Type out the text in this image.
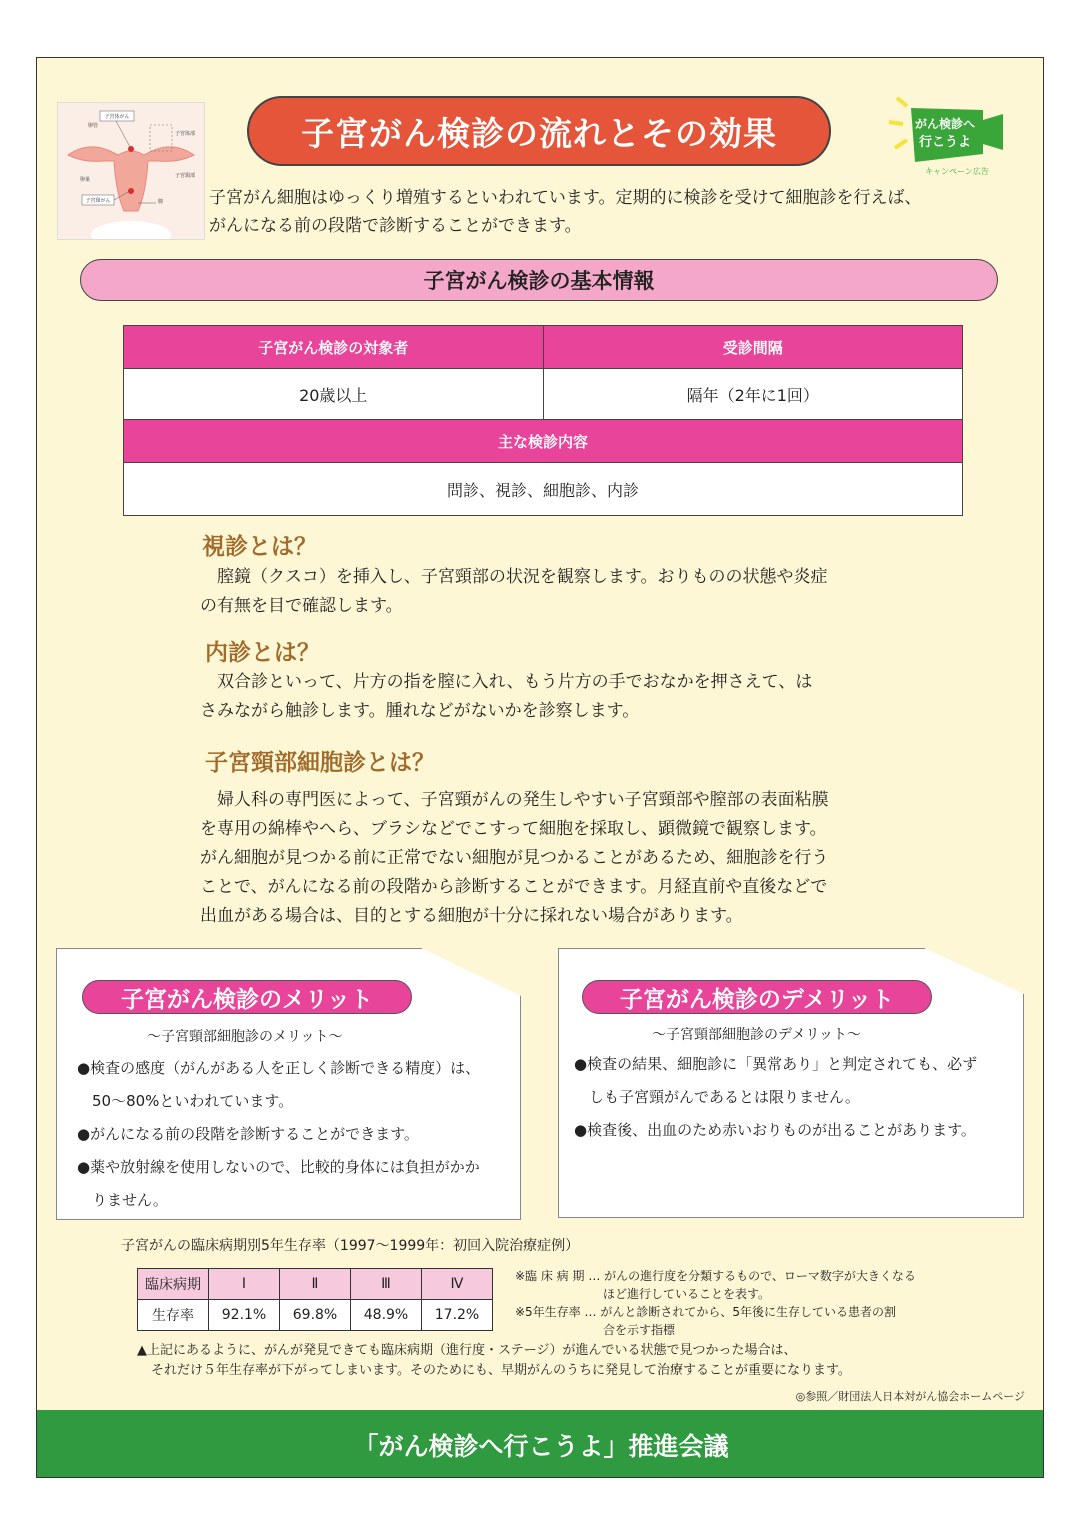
子宮体がん
卵管
子宮体部
卵巣
子宮頸部
子宮頸がん	膣
子宮がん検診の流れとその効果	がん検診へ
行こうよ
キャンペーン広告
子宮がん細胞はゆっくり増殖するといわれています。定期的に検診を受けて細胞診を行えば、
がんになる前の段階で診断することができます。
子宮がん検診の基本情報
子宮がん検診の対象者	受診間隔
20歳以上	隔年（2年に1回）
主な検診内容	
問診、視診、細胞診、内診	
視診とは？
　膣鏡（クスコ）を挿入し、子宮頸部の状況を観察します。おりものの状態や炎症
の有無を目で確認します。
内診とは？
　双合診といって、片方の指を膣に入れ、もう片方の手でおなかを押さえて、は
さみながら触診します。腫れなどがないかを診察します。
子宮頸部細胞診とは？
　婦人科の専門医によって、子宮頸がんの発生しやすい子宮頸部や膣部の表面粘膜
を専用の綿棒やへら、ブラシなどでこすって細胞を採取し、顕微鏡で観察します。
がん細胞が見つかる前に正常でない細胞が見つかることがあるため、細胞診を行う
ことで、がんになる前の段階から診断することができます。月経直前や直後などで
出血がある場合は、目的とする細胞が十分に採れない場合があります。
子宮がん検診のメリット
～子宮頸部細胞診のメリット～
●検査の感度（がんがある人を正しく診断できる精度）は、
　50～80%といわれています。
●がんになる前の段階を診断することができます。
●薬や放射線を使用しないので、比較的身体には負担がかか
　りません。
子宮がん検診のデメリット
～子宮頸部細胞診のデメリット～
●検査の結果、細胞診に「異常あり」と判定されても、必ず
　しも子宮頸がんであるとは限りません。
●検査後、出血のため赤いおりものが出ることがあります。
子宮がんの臨床病期別5年生存率（1997～1999年：初回入院治療症例）
臨床病期	Ⅰ	Ⅱ	Ⅲ	Ⅳ
生存率	92.1%	69.8%	48.9%	17.2%
※臨 床 病 期 … がんの進行度を分類するもので、ローマ数字が大きくなる
ほど進行していることを表す。
※5年生存率 … がんと診断されてから、5年後に生存している患者の割
合を示す指標
▲上記にあるように、がんが発見できても臨床病期（進行度・ステージ）が進んでいる状態で見つかった場合は、
それだけ５年生存率が下がってしまいます。そのためにも、早期がんのうちに発見して治療することが重要になります。
◎参照／財団法人日本対がん協会ホームページ
「がん検診へ行こうよ」推進会議
